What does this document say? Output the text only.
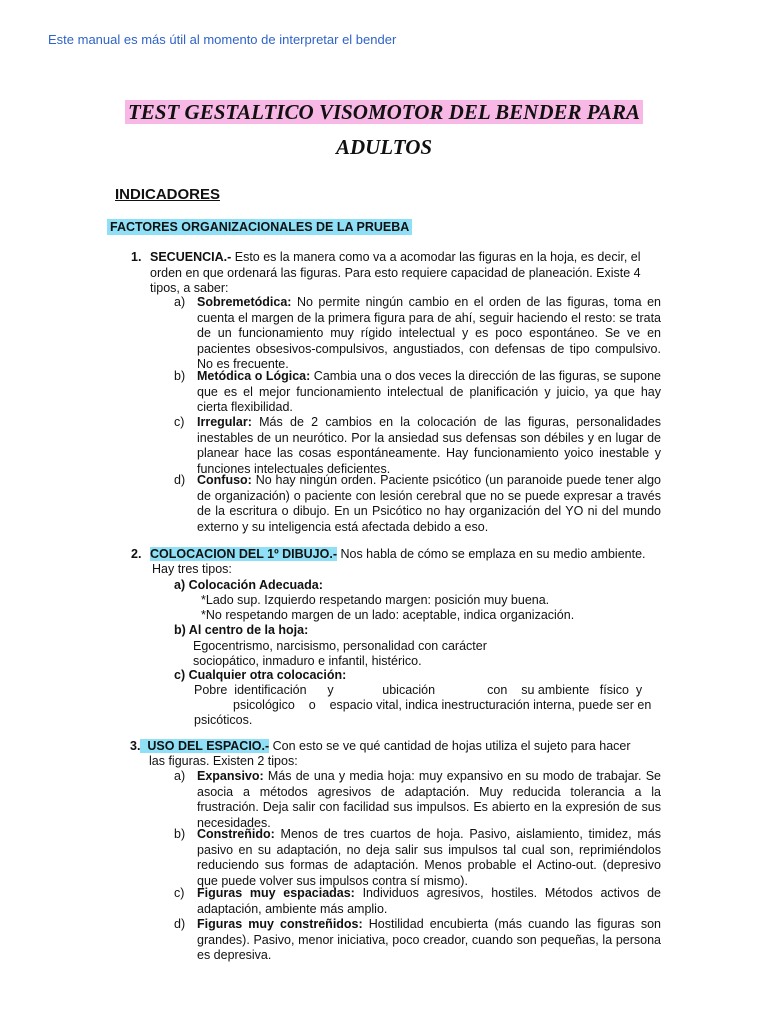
Este manual es más útil al momento de interpretar el bender
TEST GESTALTICO VISOMOTOR DEL BENDER PARA
ADULTOS
INDICADORES
FACTORES ORGANIZACIONALES DE LA PRUEBA
1. SECUENCIA.- Esto es la manera como va a acomodar las figuras en la hoja, es decir, el orden en que ordenará las figuras. Para esto requiere capacidad de planeación. Existe 4 tipos, a saber:
a) Sobremetódica: No permite ningún cambio en el orden de las figuras, toma en cuenta el margen de la primera figura para de ahí, seguir haciendo el resto: se trata de un funcionamiento muy rígido intelectual y es poco espontáneo. Se ve en pacientes obsesivos-compulsivos, angustiados, con defensas de tipo compulsivo. No es frecuente.
b) Metódica o Lógica: Cambia una o dos veces la dirección de las figuras, se supone que es el mejor funcionamiento intelectual de planificación y juicio, ya que hay cierta flexibilidad.
c) Irregular: Más de 2 cambios en la colocación de las figuras, personalidades inestables de un neurótico. Por la ansiedad sus defensas son débiles y en lugar de planear hace las cosas espontáneamente. Hay funcionamiento yoico inestable y funciones intelectuales deficientes.
d) Confuso: No hay ningún orden. Paciente psicótico (un paranoide puede tener algo de organización) o paciente con lesión cerebral que no se puede expresar a través de la escritura o dibujo. En un Psicótico no hay organización del YO ni del mundo externo y su inteligencia está afectada debido a eso.
2. COLOCACION DEL 1º DIBUJO.- Nos habla de cómo se emplaza en su medio ambiente.
Hay tres tipos:
a) Colocación Adecuada:
*Lado sup. Izquierdo respetando margen: posición muy buena.
*No respetando margen de un lado: aceptable, indica organización.
b) Al centro de la hoja:
Egocentrismo, narcisismo, personalidad con carácter
sociopático, inmaduro e infantil, histérico.
c) Cualquier otra colocación:
Pobre  identificación      y              ubicación               con    su ambiente   físico  y
psicológico    o    espacio vital, indica inestructuración interna, puede ser en
psicóticos.
3.  USO DEL ESPACIO.- Con esto se ve qué cantidad de hojas utiliza el sujeto para hacer
las figuras. Existen 2 tipos:
a) Expansivo: Más de una y media hoja: muy expansivo en su modo de trabajar. Se asocia a métodos agresivos de adaptación. Muy reducida tolerancia a la frustración. Deja salir con facilidad sus impulsos. Es abierto en la expresión de sus necesidades.
b) Constreñido: Menos de tres cuartos de hoja. Pasivo, aislamiento, timidez, más pasivo en su adaptación, no deja salir sus impulsos tal cual son, reprimiéndolos reduciendo sus formas de adaptación. Menos probable el Actino-out. (depresivo que puede volver sus impulsos contra sí mismo).
c) Figuras muy espaciadas: Individuos agresivos, hostiles. Métodos activos de adaptación, ambiente más amplio.
d) Figuras muy constreñidos: Hostilidad encubierta (más cuando las figuras son grandes). Pasivo, menor iniciativa, poco creador, cuando son pequeñas, la persona es depresiva.
